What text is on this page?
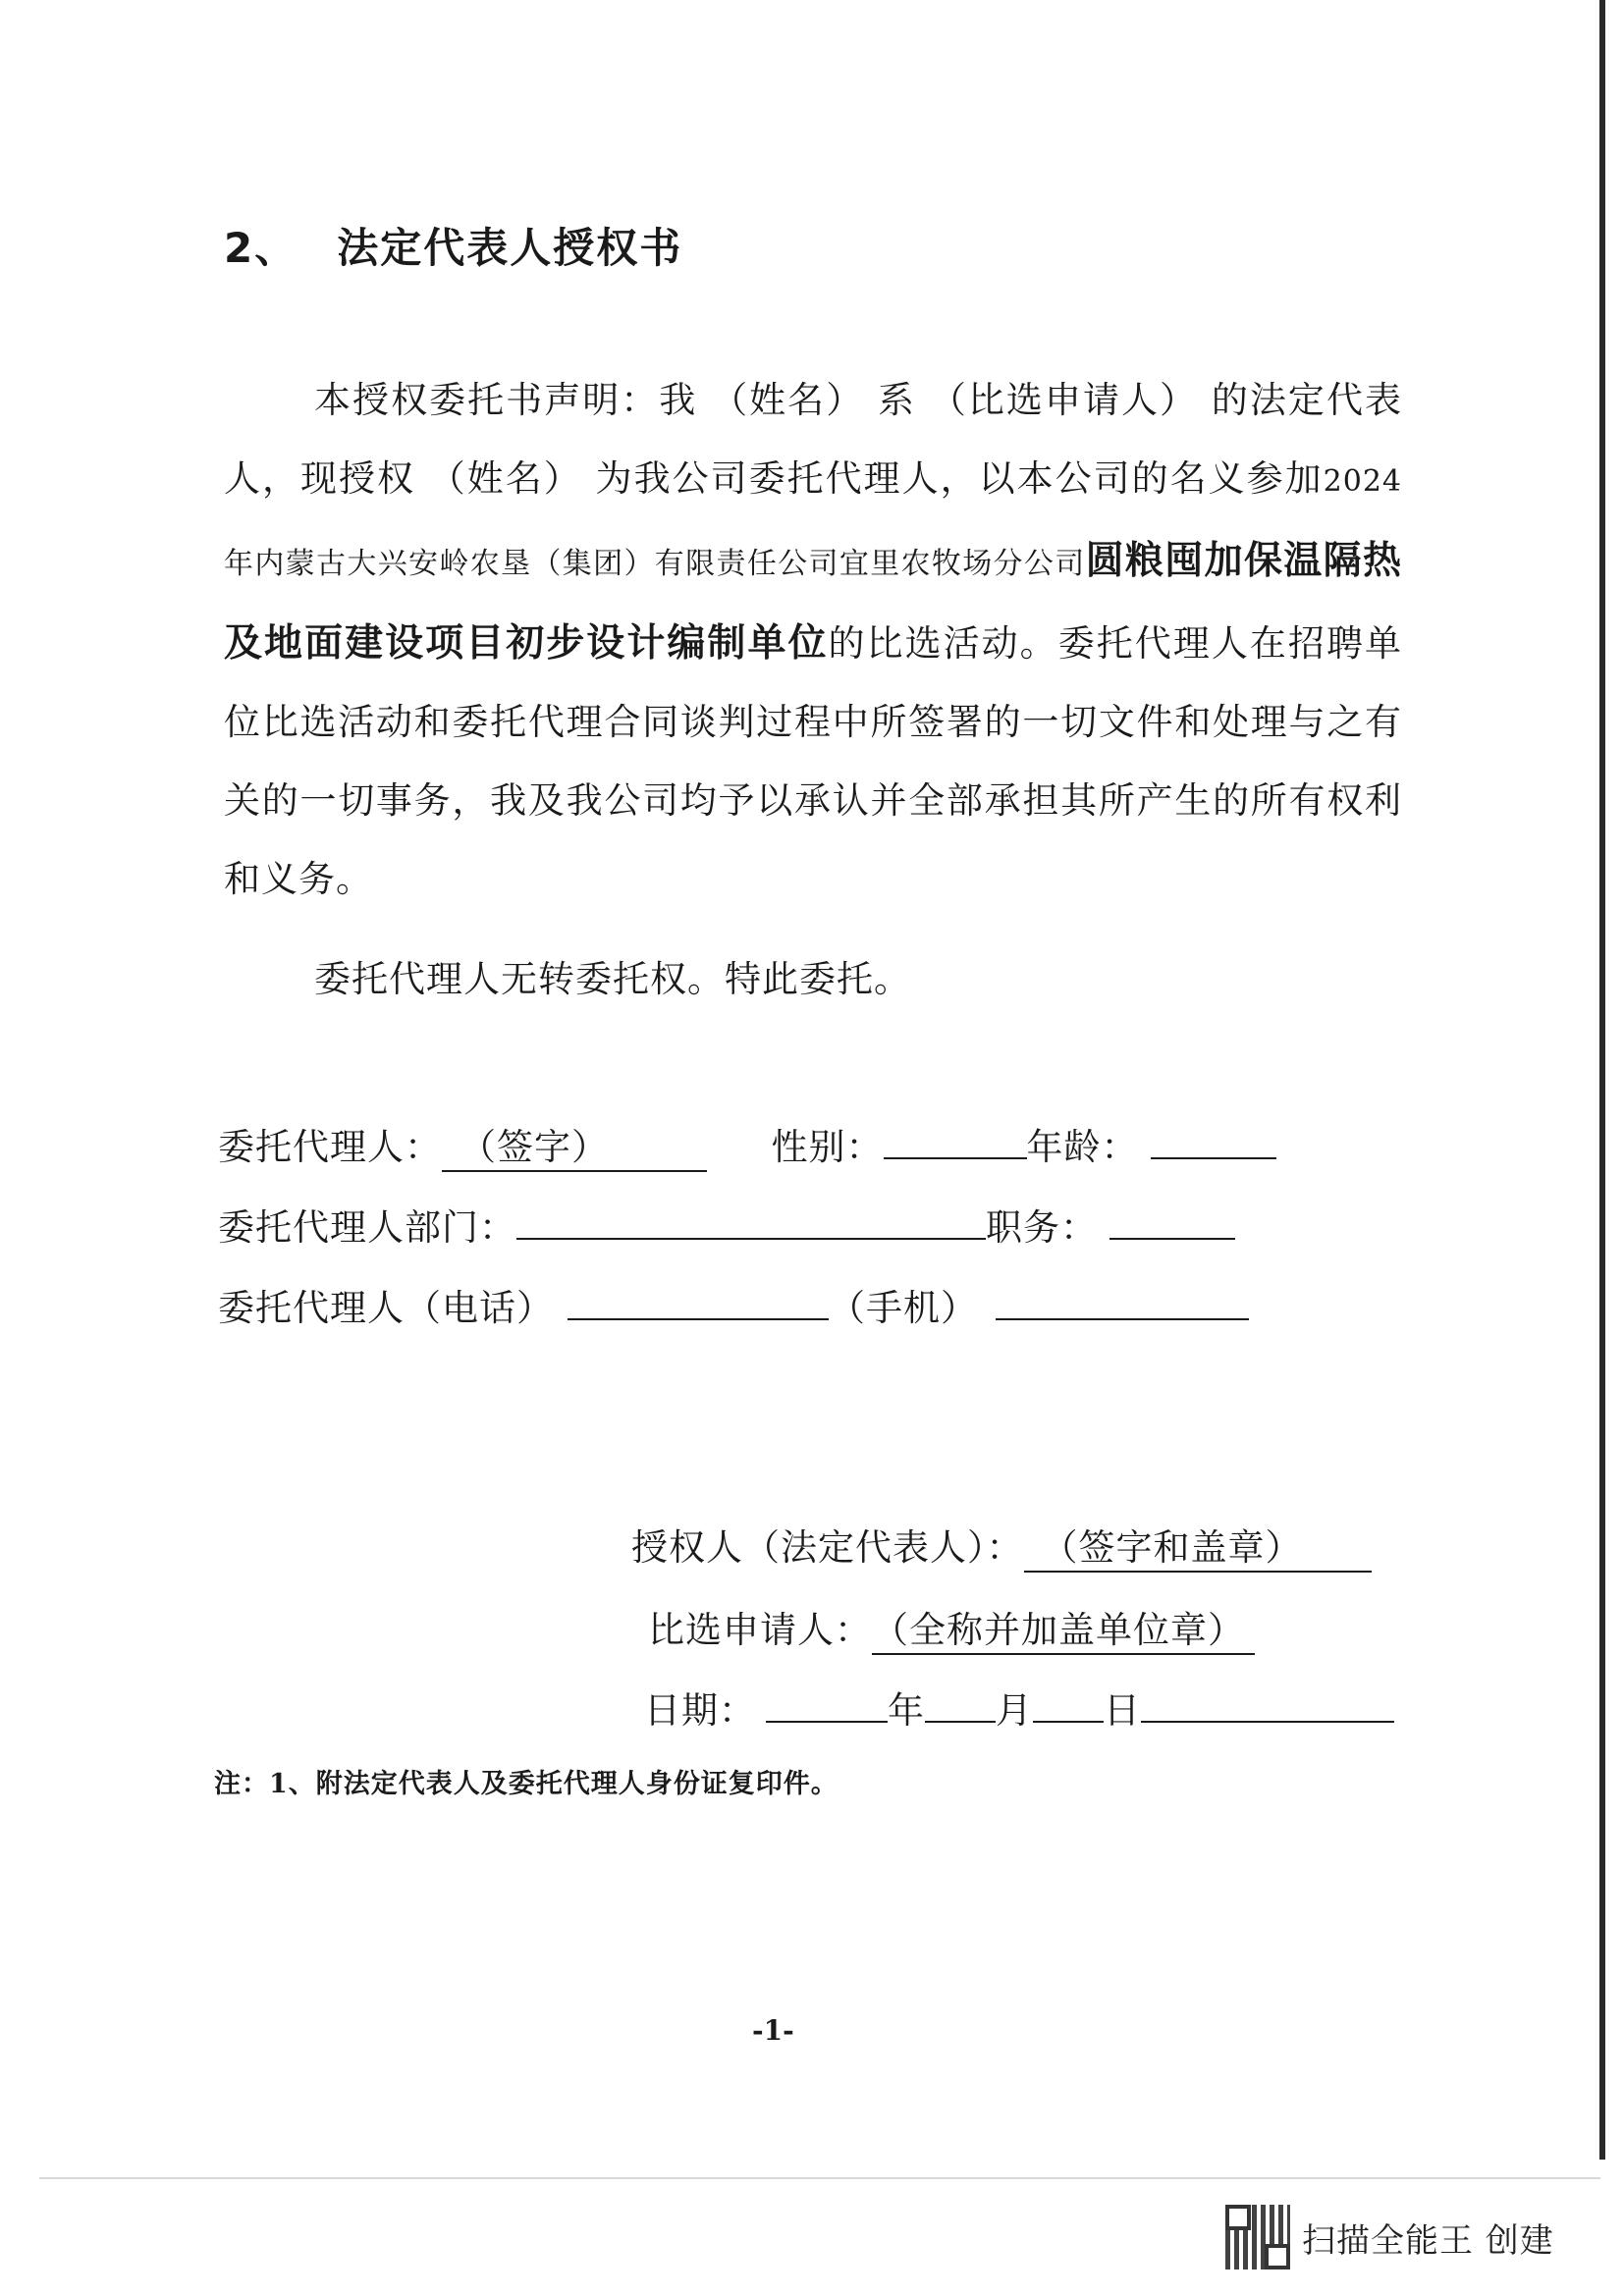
2、 法定代表人授权书
本授权委托书声明：我 （姓名） 系 （比选申请人） 的法定代表人，现授权 （姓名） 为我公司委托代理人，以本公司的名义参加2024年内蒙古大兴安岭农垦（集团）有限责任公司宜里农牧场分公司圆粮囤加保温隔热及地面建设项目初步设计编制单位的比选活动。委托代理人在招聘单位比选活动和委托代理合同谈判过程中所签署的一切文件和处理与之有关的一切事务，我及我公司均予以承认并全部承担其所产生的所有权利和义务。
委托代理人无转委托权。特此委托。
委托代理人： （签字）	性别：	年龄：
委托代理人部门：	职务：
委托代理人（电话）	（手机）
授权人（法定代表人）： （签字和盖章）
比选申请人：（全称并加盖单位章）
日期：	年 月 日
注：1、附法定代表人及委托代理人身份证复印件。
-1-
扫描全能王 创建
